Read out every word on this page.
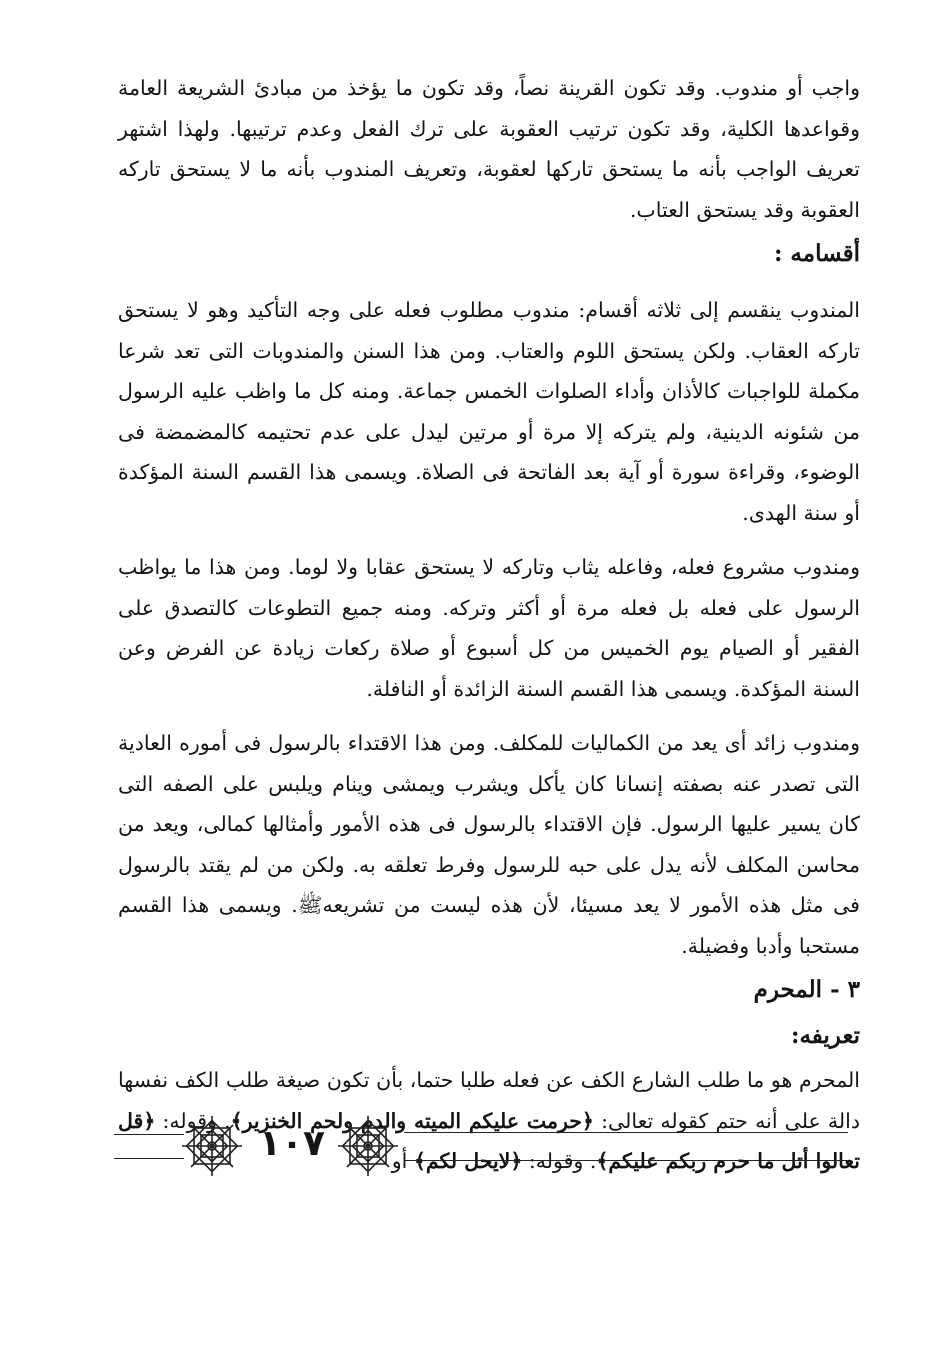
واجب أو مندوب. وقد تكون القرينة نصاً، وقد تكون ما يؤخذ من مبادئ الشريعة العامة وقواعدها الكلية، وقد تكون ترتيب العقوبة على ترك الفعل وعدم ترتيبها. ولهذا اشتهر تعريف الواجب بأنه ما يستحق تاركها لعقوبة، وتعريف المندوب بأنه ما لا يستحق تاركه العقوبة وقد يستحق العتاب.

أقسامه :

المندوب ينقسم إلى ثلاثه أقسام: مندوب مطلوب فعله على وجه التأكيد وهو لا يستحق تاركه العقاب. ولكن يستحق اللوم والعتاب. ومن هذا السنن والمندوبات التى تعد شرعا مكملة للواجبات كالأذان وأداء الصلوات الخمس جماعة. ومنه كل ما واظب عليه الرسول من شئونه الدينية، ولم يتركه إلا مرة أو مرتين ليدل على عدم تحتيمه كالمضمضة فى الوضوء، وقراءة سورة أو آية بعد الفاتحة فى الصلاة. ويسمى هذا القسم السنة المؤكدة أو سنة الهدى.

ومندوب مشروع فعله، وفاعله يثاب وتاركه لا يستحق عقابا ولا لوما. ومن هذا ما يواظب الرسول على فعله بل فعله مرة أو أكثر وتركه. ومنه جميع التطوعات كالتصدق على الفقير أو الصيام يوم الخميس من كل أسبوع أو صلاة ركعات زيادة عن الفرض وعن السنة المؤكدة. ويسمى هذا القسم السنة الزائدة أو النافلة.

ومندوب زائد أى يعد من الكماليات للمكلف. ومن هذا الاقتداء بالرسول فى أموره العادية التى تصدر عنه بصفته إنسانا كان يأكل ويشرب ويمشى وينام ويلبس على الصفه التى كان يسير عليها الرسول. فإن الاقتداء بالرسول فى هذه الأمور وأمثالها كمالى، ويعد من محاسن المكلف لأنه يدل على حبه للرسول وفرط تعلقه به. ولكن من لم يقتد بالرسول فى مثل هذه الأمور لا يعد مسيئا، لأن هذه ليست من تشريعهﷺ. ويسمى هذا القسم مستحبا وأدبا وفضيلة.

٣ - المحرم

تعريفه:

المحرم هو ما طلب الشارع الكف عن فعله طلبا حتما، بأن تكون صيغة طلب الكف نفسها دالة على أنه حتم كقوله تعالى: ﴿حرمت عليكم الميته والدم ولحم الخنزير﴾. وقوله: ﴿قل تعالوا أتل ما حرم ربكم عليكم﴾. وقوله: ﴿لايحل لكم﴾ أو

١٠٧
